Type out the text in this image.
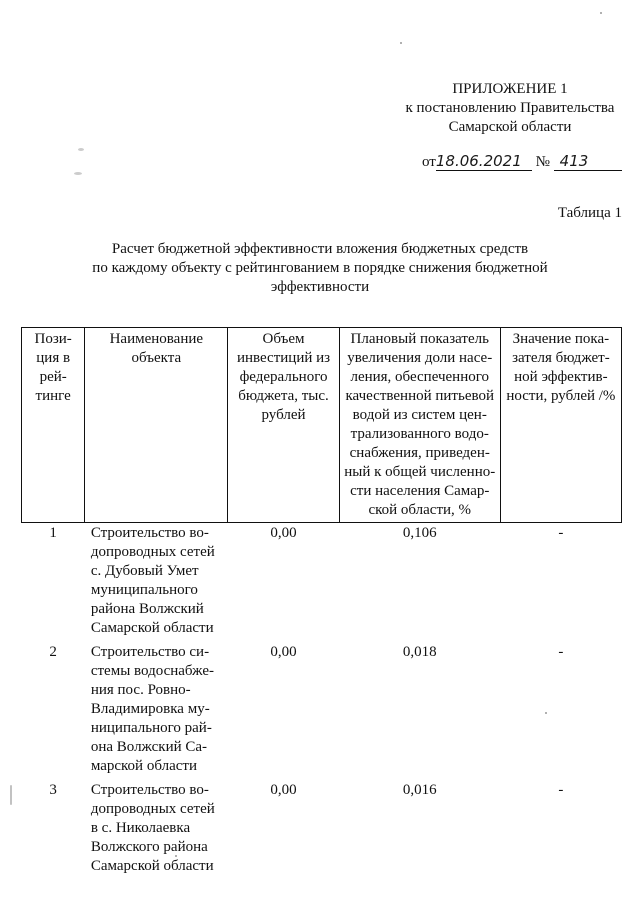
ПРИЛОЖЕНИЕ 1
к постановлению Правительства
Самарской области
от18.06.2021 № 413
Таблица 1
Расчет бюджетной эффективности вложения бюджетных средств
по каждому объекту с рейтингованием в порядке снижения бюджетной
эффективности
Пози-ция в рей-тинге	Наименование объекта	Объем инвестиций из федерального бюджета, тыс. рублей	Плановый показатель увеличения доли насе-ления, обеспеченного качественной питьевой водой из систем цен-трализованного водо-снабжения, приведен-ный к общей численно-сти населения Самар-ской области, %	Значение пока-зателя бюджет-ной эффектив-ности, рублей /%
1	Строительство во-допроводных сетей с. Дубовый Умет муниципального района Волжский Самарской области	0,00	0,106	-
2	Строительство си-стемы водоснабже-ния пос. Ровно-Владимировка му-ниципального рай-она Волжский Са-марской области	0,00	0,018	-
3	Строительство во-допроводных сетей в с. Николаевка Волжского района Самарской области	0,00	0,016	-
